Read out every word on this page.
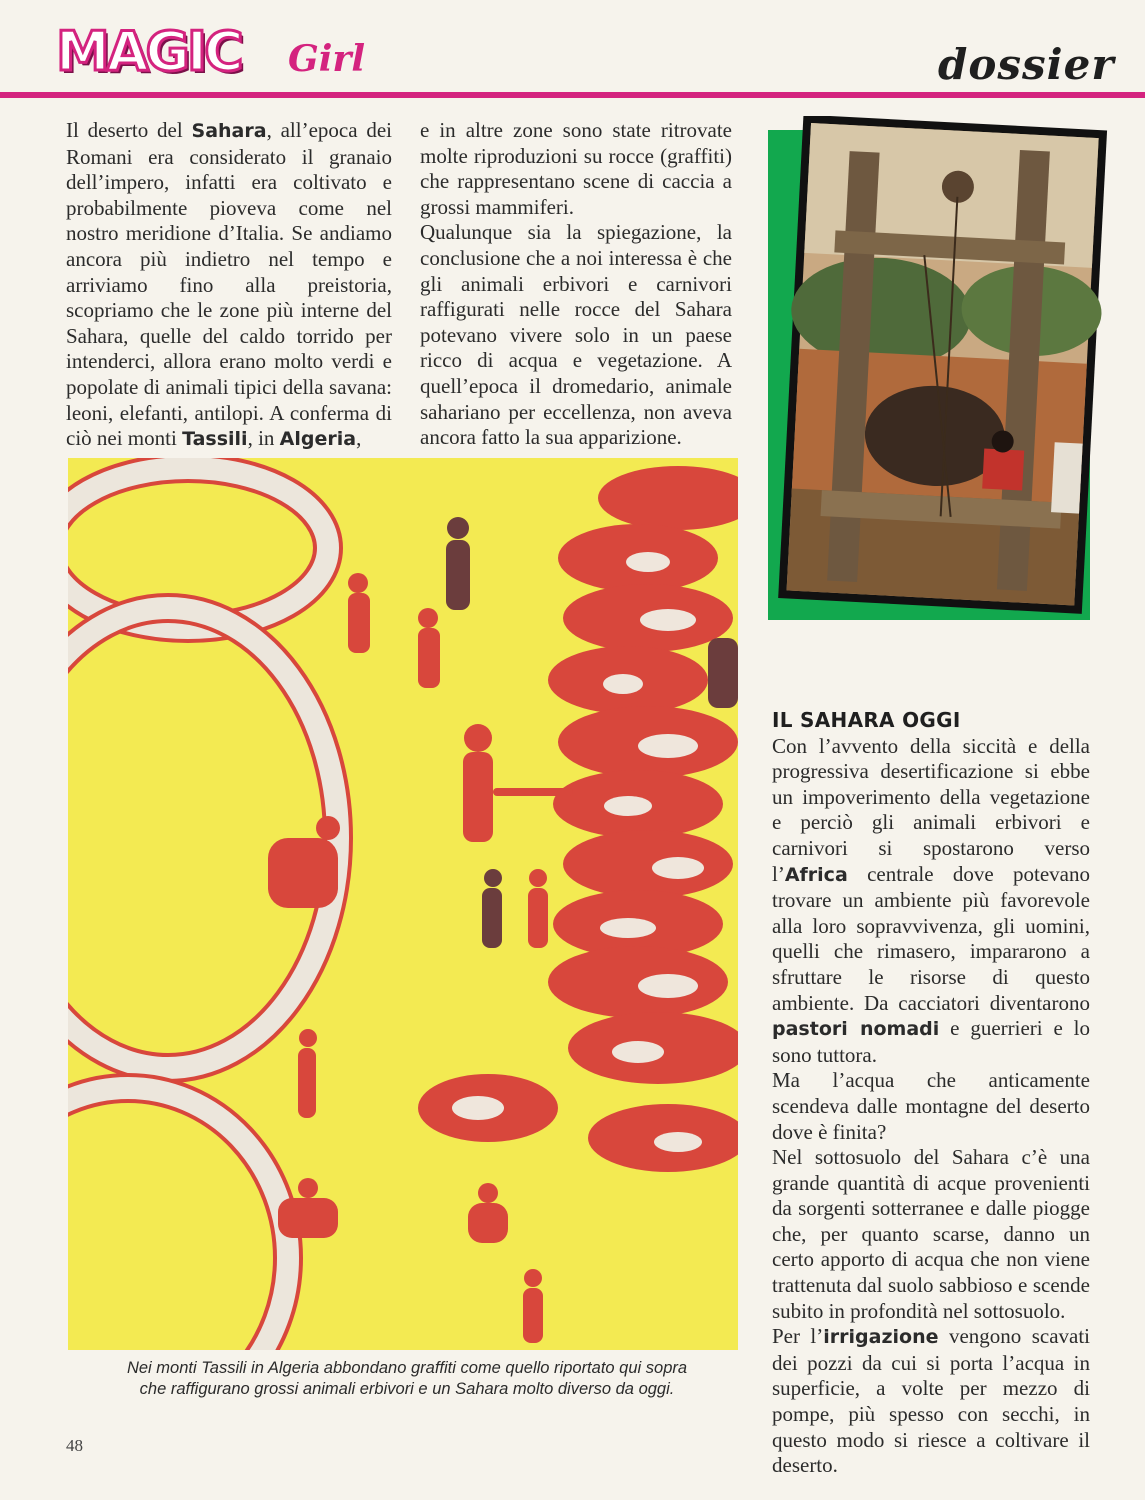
MAGIC Girl	dossier

Il deserto del Sahara, all’epoca dei Romani era considerato il granaio dell’impero, infatti era coltivato e probabilmente pioveva come nel nostro meridione d’Italia. Se andiamo ancora più indietro nel tempo e arriviamo fino alla preistoria, scopriamo che le zone più interne del Sahara, quelle del caldo torrido per intenderci, allora erano molto verdi e popolate di animali tipici della savana: leoni, elefanti, antilopi. A conferma di ciò nei monti Tassili, in Algeria,

e in altre zone sono state ritrovate molte riproduzioni su rocce (graffiti) che rappresentano scene di caccia a grossi mammiferi.

Qualunque sia la spiegazione, la conclusione che a noi interessa è che gli animali erbivori e carnivori raffigurati nelle rocce del Sahara potevano vivere solo in un paese ricco di acqua e vegetazione. A quell’epoca il dromedario, animale sahariano per eccellenza, non aveva ancora fatto la sua apparizione.

Nei monti Tassili in Algeria abbondano graffiti come quello riportato qui sopra

che raffigurano grossi animali erbivori e un Sahara molto diverso da oggi.

IL SAHARA OGGI

Con l’avvento della siccità e della progressiva desertificazione si ebbe un impoverimento della vegetazione e perciò gli animali erbivori e carnivori si spostarono verso l’Africa centrale dove potevano trovare un ambiente più favorevole alla loro sopravvivenza, gli uomini, quelli che rimasero, impararono a sfruttare le risorse di questo ambiente. Da cacciatori diventarono pastori nomadi e guerrieri e lo sono tuttora.

Ma l’acqua che anticamente scendeva dalle montagne del deserto dove è finita?

Nel sottosuolo del Sahara c’è una grande quantità di acque provenienti da sorgenti sotterranee e dalle piogge che, per quanto scarse, danno un certo apporto di acqua che non viene trattenuta dal suolo sabbioso e scende subito in profondità nel sottosuolo.

Per l’irrigazione vengono scavati dei pozzi da cui si porta l’acqua in superficie, a volte per mezzo di pompe, più spesso con secchi, in questo modo si riesce a coltivare il deserto.

48
